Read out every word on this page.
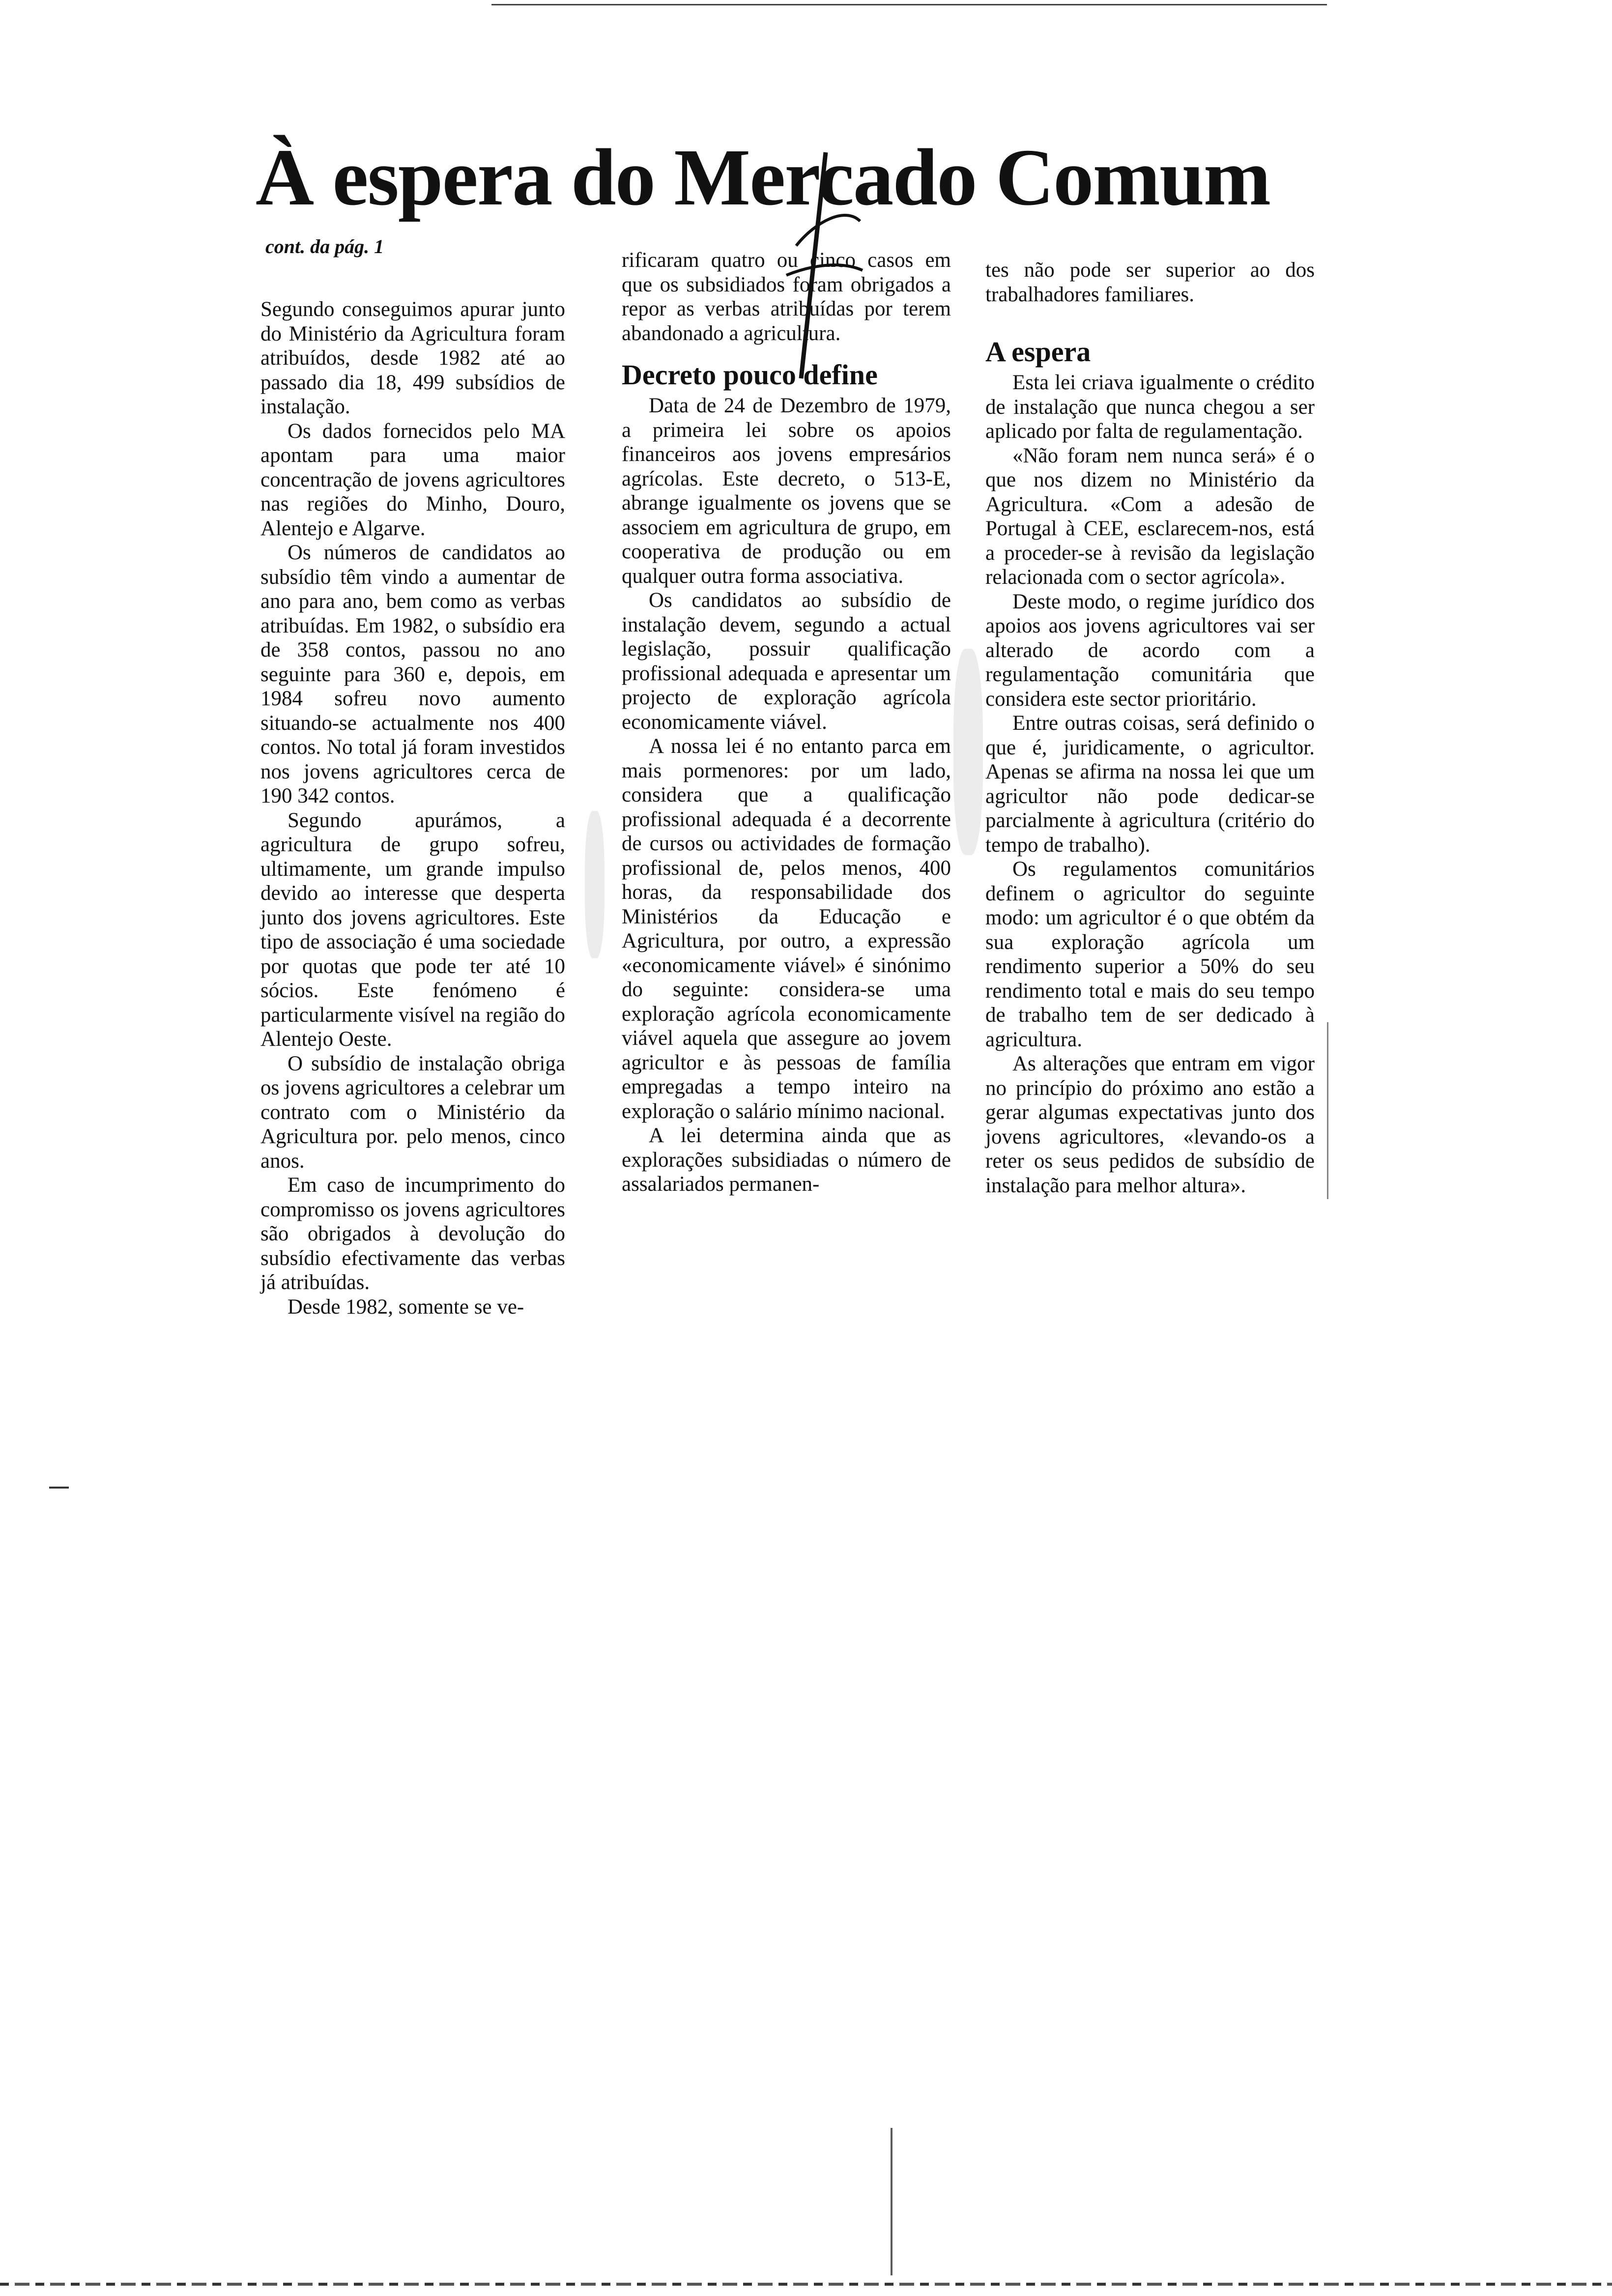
À espera do Mercado Comum
cont. da pág. 1

Segundo conseguimos apurar junto do Ministério da Agricultura foram atribuídos, desde 1982 até ao passado dia 18, 499 subsídios de instalação.

Os dados fornecidos pelo MA apontam para uma maior concentração de jovens agricultores nas regiões do Minho, Douro, Alentejo e Algarve.

Os números de candidatos ao subsídio têm vindo a aumentar de ano para ano, bem como as verbas atribuídas. Em 1982, o subsídio era de 358 contos, passou no ano seguinte para 360 e, depois, em 1984 sofreu novo aumento situando-se actualmente nos 400 contos. No total já foram investidos nos jovens agricultores cerca de 190 342 contos.

Segundo apurámos, a agricultura de grupo sofreu, ultimamente, um grande impulso devido ao interesse que desperta junto dos jovens agricultores. Este tipo de associação é uma sociedade por quotas que pode ter até 10 sócios. Este fenómeno é particularmente visível na região do Alentejo Oeste.

O subsídio de instalação obriga os jovens agricultores a celebrar um contrato com o Ministério da Agricultura por. pelo menos, cinco anos.

Em caso de incumprimento do compromisso os jovens agricultores são obrigados à devolução do subsídio efectivamente das verbas já atribuídas.

Desde 1982, somente se ve-

rificaram quatro ou cinco casos em que os subsidiados foram obrigados a repor as verbas atribuídas por terem abandonado a agricultura.

Decreto pouco define

Data de 24 de Dezembro de 1979, a primeira lei sobre os apoios financeiros aos jovens empresários agrícolas. Este decreto, o 513-E, abrange igualmente os jovens que se associem em agricultura de grupo, em cooperativa de produção ou em qualquer outra forma associativa.

Os candidatos ao subsídio de instalação devem, segundo a actual legislação, possuir qualificação profissional adequada e apresentar um projecto de exploração agrícola economicamente viável.

A nossa lei é no entanto parca em mais pormenores: por um lado, considera que a qualificação profissional adequada é a decorrente de cursos ou actividades de formação profissional de, pelos menos, 400 horas, da responsabilidade dos Ministérios da Educação e Agricultura, por outro, a expressão «economicamente viável» é sinónimo do seguinte: considera-se uma exploração agrícola economicamente viável aquela que assegure ao jovem agricultor e às pessoas de família empregadas a tempo inteiro na exploração o salário mínimo nacional.

A lei determina ainda que as explorações subsidiadas o número de assalariados permanen-

tes não pode ser superior ao dos trabalhadores familiares.

A espera

Esta lei criava igualmente o crédito de instalação que nunca chegou a ser aplicado por falta de regulamentação.

«Não foram nem nunca será» é o que nos dizem no Ministério da Agricultura. «Com a adesão de Portugal à CEE, esclarecem-nos, está a proceder-se à revisão da legislação relacionada com o sector agrícola».

Deste modo, o regime jurídico dos apoios aos jovens agricultores vai ser alterado de acordo com a regulamentação comunitária que considera este sector prioritário.

Entre outras coisas, será definido o que é, juridicamente, o agricultor. Apenas se afirma na nossa lei que um agricultor não pode dedicar-se parcialmente à agricultura (critério do tempo de trabalho).

Os regulamentos comunitários definem o agricultor do seguinte modo: um agricultor é o que obtém da sua exploração agrícola um rendimento superior a 50% do seu rendimento total e mais do seu tempo de trabalho tem de ser dedicado à agricultura.

As alterações que entram em vigor no princípio do próximo ano estão a gerar algumas expectativas junto dos jovens agricultores, «levando-os a reter os seus pedidos de subsídio de instalação para melhor altura».
